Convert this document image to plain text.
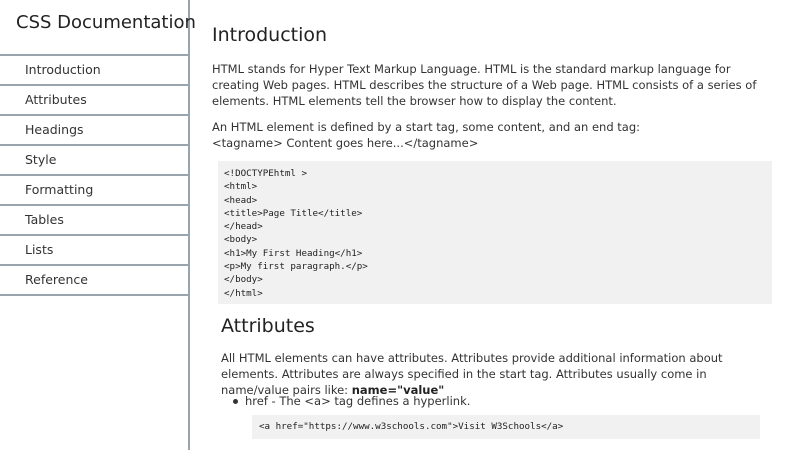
CSS Documentation
Introduction
Attributes
Headings
Style
Formatting
Tables
Lists
Reference
Introduction

HTML stands for Hyper Text Markup Language. HTML is the standard markup language for creating Web pages. HTML describes the structure of a Web page. HTML consists of a series of elements. HTML elements tell the browser how to display the content.

An HTML element is defined by a start tag, some content, and an end tag:
<tagname> Content goes here...</tagname>
<!DOCTYPEhtml >
<html>
<head>
<title>Page Title</title>
</head>
<body>
<h1>My First Heading</h1>
<p>My first paragraph.</p>
</body>
</html>
Attributes

All HTML elements can have attributes. Attributes provide additional information about elements. Attributes are always specified in the start tag. Attributes usually come in name/value pairs like: name="value"

href - The <a> tag defines a hyperlink.
<a href="https://www.w3schools.com">Visit W3Schools</a>
